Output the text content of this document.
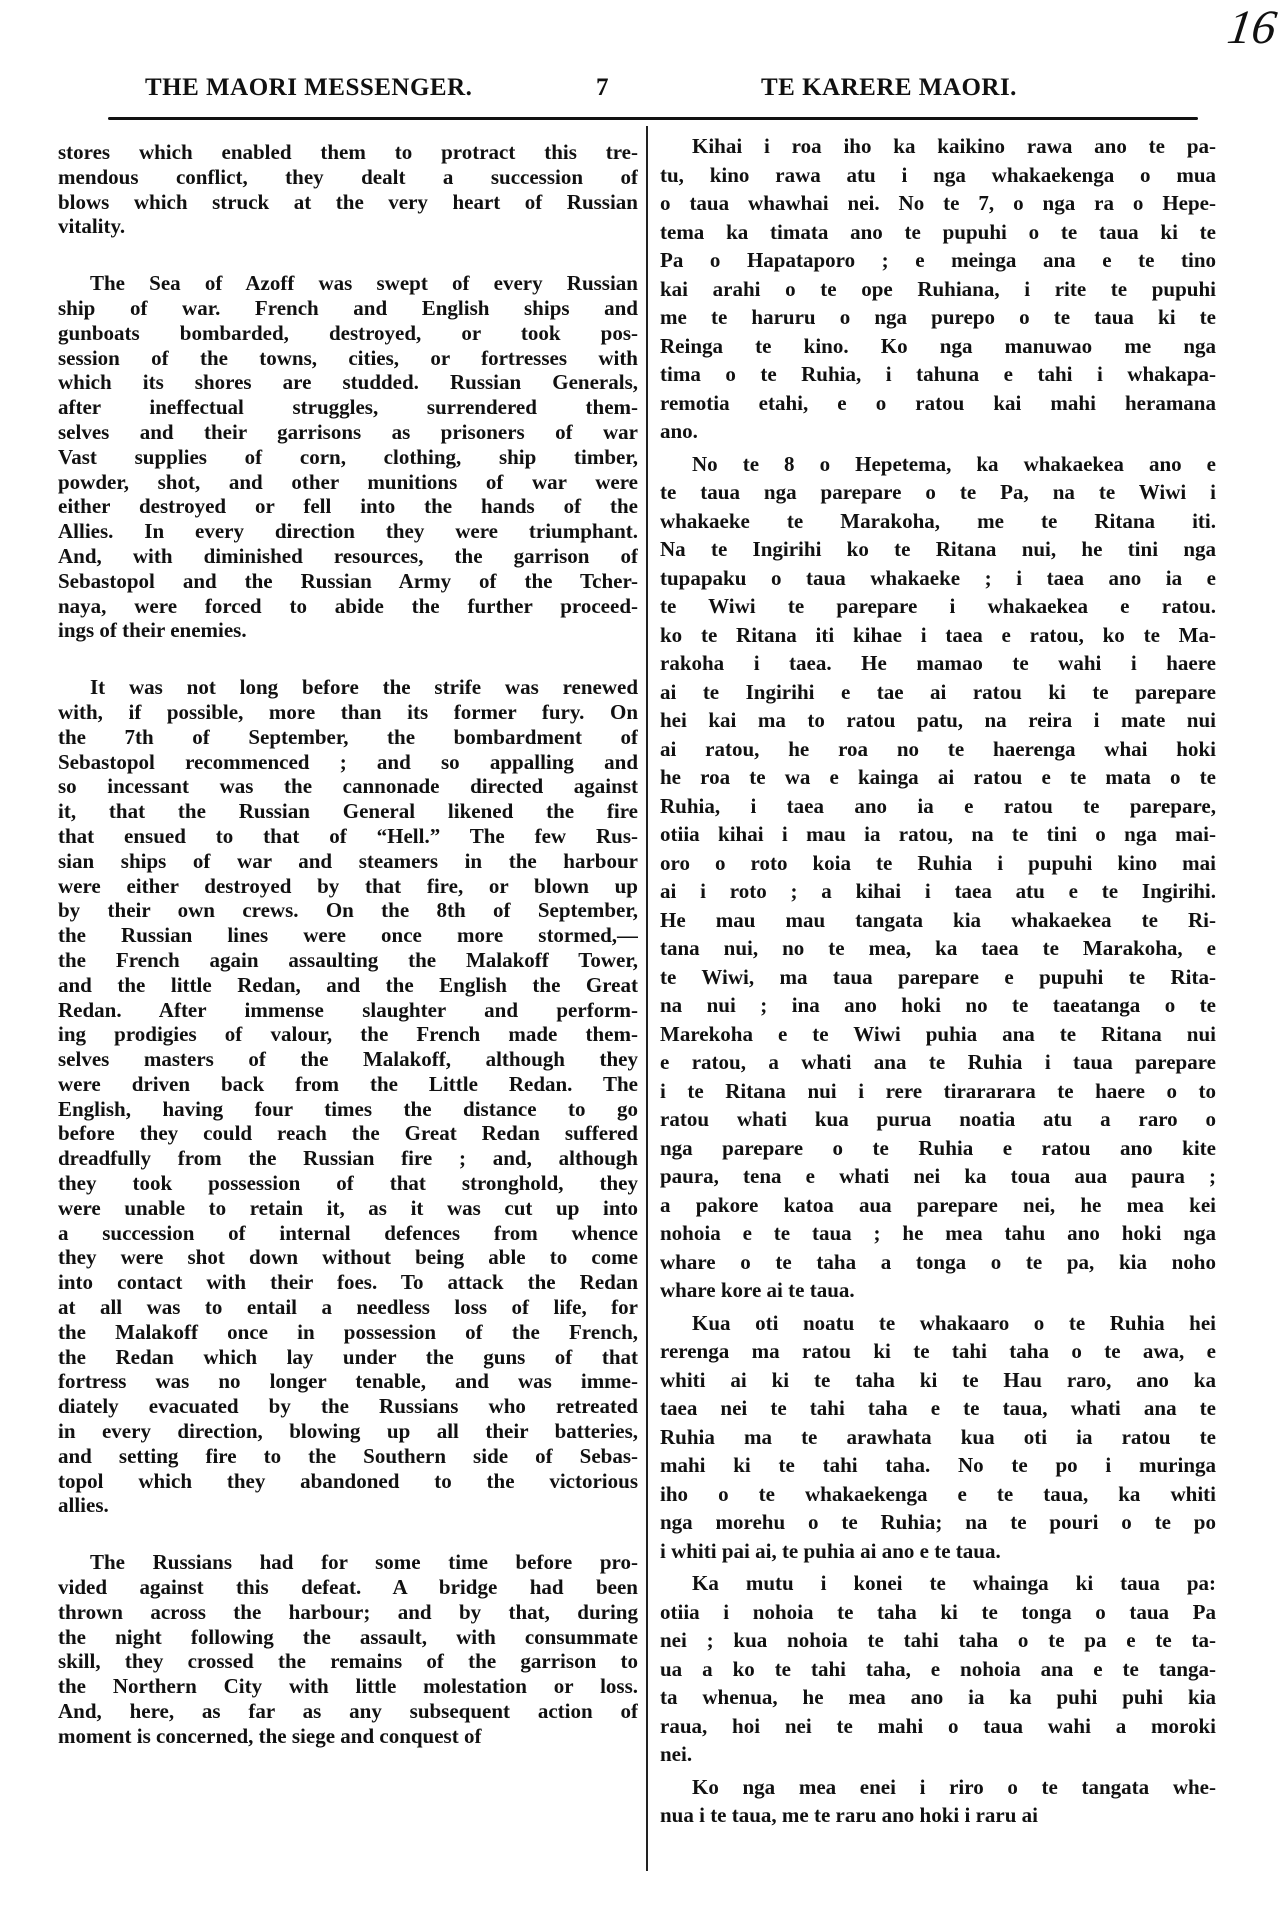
16
THE MAORI MESSENGER.	7	TE KARERE MAORI.
stores which enabled them to protract this tre-
mendous conflict, they dealt a succession of
blows which struck at the very heart of Russian
vitality.
The Sea of Azoff was swept of every Russian
ship of war. French and English ships and
gunboats bombarded, destroyed, or took pos-
session of the towns, cities, or fortresses with
which its shores are studded. Russian Generals,
after ineffectual struggles, surrendered them-
selves and their garrisons as prisoners of war
Vast supplies of corn, clothing, ship timber,
powder, shot, and other munitions of war were
either destroyed or fell into the hands of the
Allies. In every direction they were triumphant.
And, with diminished resources, the garrison of
Sebastopol and the Russian Army of the Tcher-
naya, were forced to abide the further proceed-
ings of their enemies.
It was not long before the strife was renewed
with, if possible, more than its former fury. On
the 7th of September, the bombardment of
Sebastopol recommenced ; and so appalling and
so incessant was the cannonade directed against
it, that the Russian General likened the fire
that ensued to that of “Hell.” The few Rus-
sian ships of war and steamers in the harbour
were either destroyed by that fire, or blown up
by their own crews. On the 8th of September,
the Russian lines were once more stormed,—
the French again assaulting the Malakoff Tower,
and the little Redan, and the English the Great
Redan. After immense slaughter and perform-
ing prodigies of valour, the French made them-
selves masters of the Malakoff, although they
were driven back from the Little Redan. The
English, having four times the distance to go
before they could reach the Great Redan suffered
dreadfully from the Russian fire ; and, although
they took possession of that stronghold, they
were unable to retain it, as it was cut up into
a succession of internal defences from whence
they were shot down without being able to come
into contact with their foes. To attack the Redan
at all was to entail a needless loss of life, for
the Malakoff once in possession of the French,
the Redan which lay under the guns of that
fortress was no longer tenable, and was imme-
diately evacuated by the Russians who retreated
in every direction, blowing up all their batteries,
and setting fire to the Southern side of Sebas-
topol which they abandoned to the victorious
allies.
The Russians had for some time before pro-
vided against this defeat. A bridge had been
thrown across the harbour; and by that, during
the night following the assault, with consummate
skill, they crossed the remains of the garrison to
the Northern City with little molestation or loss.
And, here, as far as any subsequent action of
moment is concerned, the siege and conquest of
Kihai i roa iho ka kaikino rawa ano te pa-
tu, kino rawa atu i nga whakaekenga o mua
o taua whawhai nei. No te 7, o nga ra o Hepe-
tema ka timata ano te pupuhi o te taua ki te
Pa o Hapataporo ; e meinga ana e te tino
kai arahi o te ope Ruhiana, i rite te pupuhi
me te haruru o nga purepo o te taua ki te
Reinga te kino. Ko nga manuwao me nga
tima o te Ruhia, i tahuna e tahi i whakapa-
remotia etahi, e o ratou kai mahi heramana
ano.
No te 8 o Hepetema, ka whakaekea ano e
te taua nga parepare o te Pa, na te Wiwi i
whakaeke te Marakoha, me te Ritana iti.
Na te Ingirihi ko te Ritana nui, he tini nga
tupapaku o taua whakaeke ; i taea ano ia e
te Wiwi te parepare i whakaekea e ratou.
ko te Ritana iti kihae i taea e ratou, ko te Ma-
rakoha i taea. He mamao te wahi i haere
ai te Ingirihi e tae ai ratou ki te parepare
hei kai ma to ratou patu, na reira i mate nui
ai ratou, he roa no te haerenga whai hoki
he roa te wa e kainga ai ratou e te mata o te
Ruhia, i taea ano ia e ratou te parepare,
otiia kihai i mau ia ratou, na te tini o nga mai-
oro o roto koia te Ruhia i pupuhi kino mai
ai i roto ; a kihai i taea atu e te Ingirihi.
He mau mau tangata kia whakaekea te Ri-
tana nui, no te mea, ka taea te Marakoha, e
te Wiwi, ma taua parepare e pupuhi te Rita-
na nui ; ina ano hoki no te taeatanga o te
Marekoha e te Wiwi puhia ana te Ritana nui
e ratou, a whati ana te Ruhia i taua parepare
i te Ritana nui i rere tirararara te haere o to
ratou whati kua purua noatia atu a raro o
nga parepare o te Ruhia e ratou ano kite
paura, tena e whati nei ka toua aua paura ;
a pakore katoa aua parepare nei, he mea kei
nohoia e te taua ; he mea tahu ano hoki nga
whare o te taha a tonga o te pa, kia noho
whare kore ai te taua.
Kua oti noatu te whakaaro o te Ruhia hei
rerenga ma ratou ki te tahi taha o te awa, e
whiti ai ki te taha ki te Hau raro, ano ka
taea nei te tahi taha e te taua, whati ana te
Ruhia ma te arawhata kua oti ia ratou te
mahi ki te tahi taha. No te po i muringa
iho o te whakaekenga e te taua, ka whiti
nga morehu o te Ruhia; na te pouri o te po
i whiti pai ai, te puhia ai ano e te taua.
Ka mutu i konei te whainga ki taua pa:
otiia i nohoia te taha ki te tonga o taua Pa
nei ; kua nohoia te tahi taha o te pa e te ta-
ua a ko te tahi taha, e nohoia ana e te tanga-
ta whenua, he mea ano ia ka puhi puhi kia
raua, hoi nei te mahi o taua wahi a moroki
nei.
Ko nga mea enei i riro o te tangata whe-
nua i te taua, me te raru ano hoki i raru ai
